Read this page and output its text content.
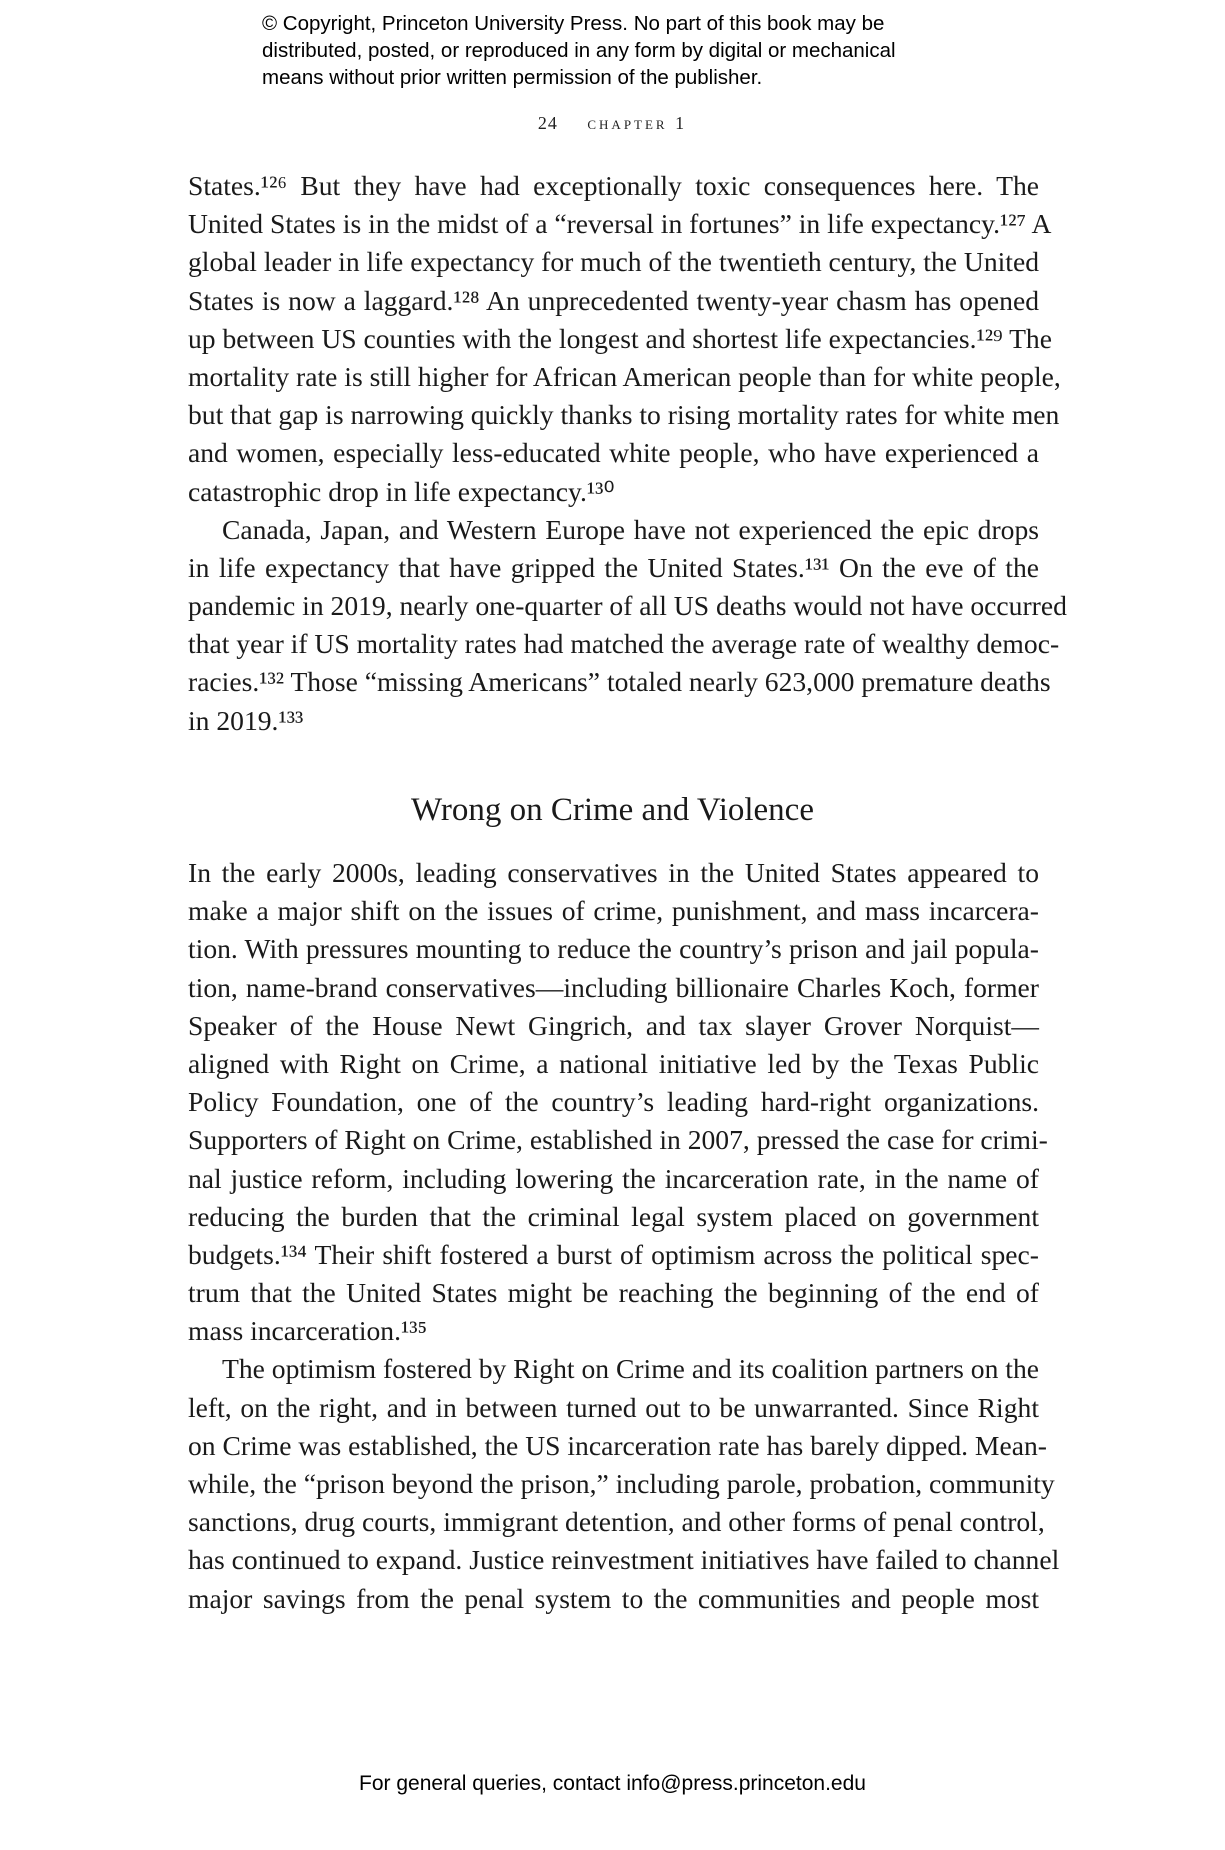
© Copyright, Princeton University Press. No part of this book may be
distributed, posted, or reproduced in any form by digital or mechanical
means without prior written permission of the publisher.
24 chapter 1
States.¹²⁶ But they have had exceptionally toxic consequences here. The
United States is in the midst of a “reversal in fortunes” in life expectancy.¹²⁷ A
global leader in life expectancy for much of the twentieth century, the United
States is now a laggard.¹²⁸ An unprecedented twenty-year chasm has opened
up between US counties with the longest and shortest life expectancies.¹²⁹ The
mortality rate is still higher for African American people than for white people,
but that gap is narrowing quickly thanks to rising mortality rates for white men
and women, especially less-educated white people, who have experienced a
catastrophic drop in life expectancy.¹³⁰
Canada, Japan, and Western Europe have not experienced the epic drops
in life expectancy that have gripped the United States.¹³¹ On the eve of the
pandemic in 2019, nearly one-quarter of all US deaths would not have occurred
that year if US mortality rates had matched the average rate of wealthy democ-
racies.¹³² Those “missing Americans” totaled nearly 623,000 premature deaths
in 2019.¹³³
Wrong on Crime and Violence
In the early 2000s, leading conservatives in the United States appeared to
make a major shift on the issues of crime, punishment, and mass incarcera-
tion. With pressures mounting to reduce the country’s prison and jail popula-
tion, name-brand conservatives—including billionaire Charles Koch, former
Speaker of the House Newt Gingrich, and tax slayer Grover Norquist—
aligned with Right on Crime, a national initiative led by the Texas Public
Policy Foundation, one of the country’s leading hard-right organizations.
Supporters of Right on Crime, established in 2007, pressed the case for crimi-
nal justice reform, including lowering the incarceration rate, in the name of
reducing the burden that the criminal legal system placed on government
budgets.¹³⁴ Their shift fostered a burst of optimism across the political spec-
trum that the United States might be reaching the beginning of the end of
mass incarceration.¹³⁵
The optimism fostered by Right on Crime and its coalition partners on the
left, on the right, and in between turned out to be unwarranted. Since Right
on Crime was established, the US incarceration rate has barely dipped. Mean-
while, the “prison beyond the prison,” including parole, probation, community
sanctions, drug courts, immigrant detention, and other forms of penal control,
has continued to expand. Justice reinvestment initiatives have failed to channel
major savings from the penal system to the communities and people most
For general queries, contact info@press.princeton.edu
